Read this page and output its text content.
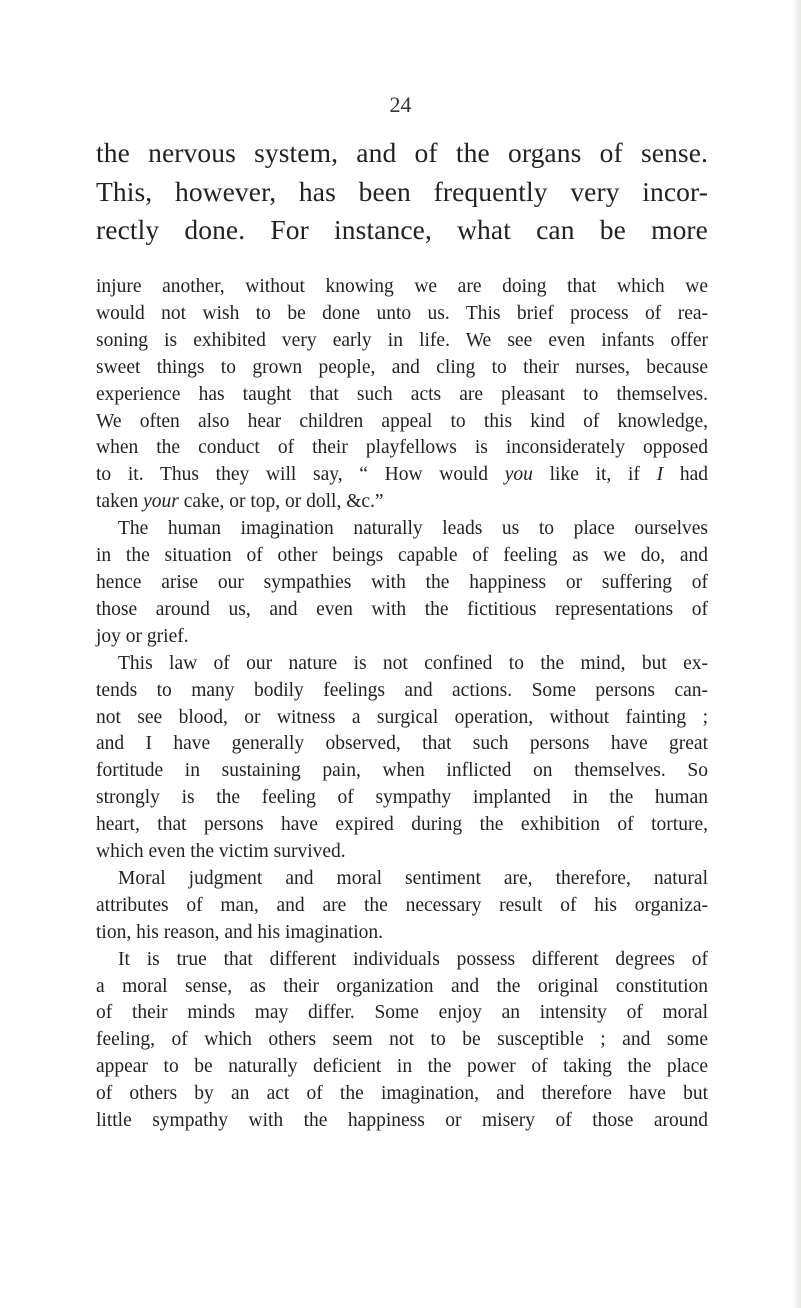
24
the nervous system, and of the organs of sense.
This, however, has been frequently very incor-
rectly done. For instance, what can be more
injure another, without knowing we are doing that which we
would not wish to be done unto us. This brief process of rea-
soning is exhibited very early in life. We see even infants offer
sweet things to grown people, and cling to their nurses, because
experience has taught that such acts are pleasant to themselves.
We often also hear children appeal to this kind of knowledge,
when the conduct of their playfellows is inconsiderately opposed
to it. Thus they will say, “ How would you like it, if I had
taken your cake, or top, or doll, &c.”
The human imagination naturally leads us to place ourselves
in the situation of other beings capable of feeling as we do, and
hence arise our sympathies with the happiness or suffering of
those around us, and even with the fictitious representations of
joy or grief.
This law of our nature is not confined to the mind, but ex-
tends to many bodily feelings and actions. Some persons can-
not see blood, or witness a surgical operation, without fainting ;
and I have generally observed, that such persons have great
fortitude in sustaining pain, when inflicted on themselves. So
strongly is the feeling of sympathy implanted in the human
heart, that persons have expired during the exhibition of torture,
which even the victim survived.
Moral judgment and moral sentiment are, therefore, natural
attributes of man, and are the necessary result of his organiza-
tion, his reason, and his imagination.
It is true that different individuals possess different degrees of
a moral sense, as their organization and the original constitution
of their minds may differ. Some enjoy an intensity of moral
feeling, of which others seem not to be susceptible ; and some
appear to be naturally deficient in the power of taking the place
of others by an act of the imagination, and therefore have but
little sympathy with the happiness or misery of those around
